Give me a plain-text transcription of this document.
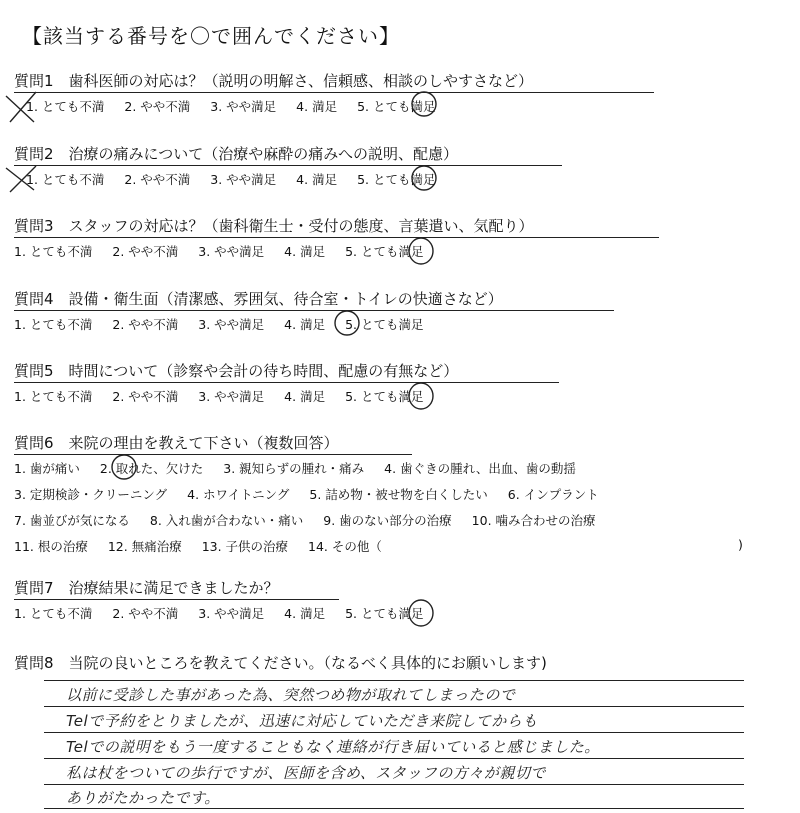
【該当する番号を〇で囲んでください】
質問1　歯科医師の対応は？（説明の明解さ、信頼感、相談のしやすさなど）
1. とても不満 2. やや不満 3. やや満足 4. 満足 5. とても満足
質問2　治療の痛みについて（治療や麻酔の痛みへの説明、配慮）
1. とても不満 2. やや不満 3. やや満足 4. 満足 5. とても満足
質問3　スタッフの対応は？（歯科衛生士・受付の態度、言葉遣い、気配り）
1. とても不満 2. やや不満 3. やや満足 4. 満足 5. とても満足
質問4　設備・衛生面（清潔感、雰囲気、待合室・トイレの快適さなど）
1. とても不満 2. やや不満 3. やや満足 4. 満足 5. とても満足
質問5　時間について（診察や会計の待ち時間、配慮の有無など）
1. とても不満 2. やや不満 3. やや満足 4. 満足 5. とても満足
質問6　来院の理由を教えて下さい（複数回答）
1. 歯が痛い 2. 取れた、欠けた 3. 親知らずの腫れ・痛み 4. 歯ぐきの腫れ、出血、歯の動揺
3. 定期検診・クリーニング 4. ホワイトニング 5. 詰め物・被せ物を白くしたい 6. インプラント
7. 歯並びが気になる 8. 入れ歯が合わない・痛い 9. 歯のない部分の治療 10. 噛み合わせの治療
11. 根の治療 12. 無痛治療 13. 子供の治療 14. その他（	)
質問7　治療結果に満足できましたか？
1. とても不満 2. やや不満 3. やや満足 4. 満足 5. とても満足
質問8　当院の良いところを教えてください。（なるべく具体的にお願いします)
以前に受診した事があった為、突然つめ物が取れてしまったので
Telで予約をとりましたが、迅速に対応していただき来院してからも
Telでの説明をもう一度することもなく連絡が行き届いていると感じました。
私は杖をついての歩行ですが、医師を含め、スタッフの方々が親切で
ありがたかったです。
